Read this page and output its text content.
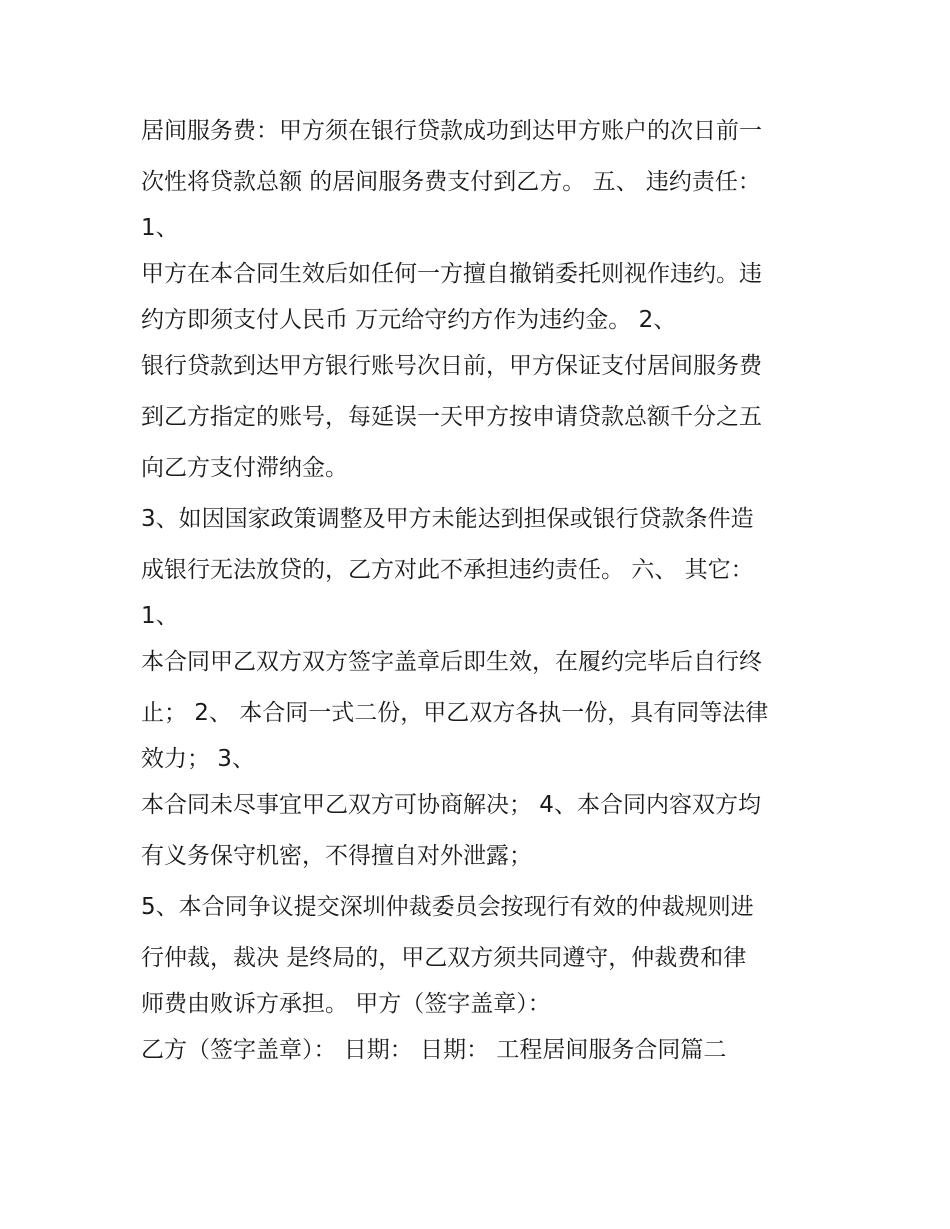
居间服务费：甲方须在银行贷款成功到达甲方账户的次日前一
次性将贷款总额 的居间服务费支付到乙方。 五、 违约责任：
1、
甲方在本合同生效后如任何一方擅自撤销委托则视作违约。违
约方即须支付人民币 万元给守约方作为违约金。 2、
银行贷款到达甲方银行账号次日前，甲方保证支付居间服务费
到乙方指定的账号，每延误一天甲方按申请贷款总额千分之五
向乙方支付滞纳金。
3、如因国家政策调整及甲方未能达到担保或银行贷款条件造
成银行无法放贷的，乙方对此不承担违约责任。 六、 其它：
1、
本合同甲乙双方双方签字盖章后即生效，在履约完毕后自行终
止； 2、 本合同一式二份，甲乙双方各执一份，具有同等法律
效力； 3、
本合同未尽事宜甲乙双方可协商解决； 4、本合同内容双方均
有义务保守机密，不得擅自对外泄露；
5、本合同争议提交深圳仲裁委员会按现行有效的仲裁规则进
行仲裁，裁决 是终局的，甲乙双方须共同遵守，仲裁费和律
师费由败诉方承担。 甲方（签字盖章）：
乙方（签字盖章）： 日期： 日期： 工程居间服务合同篇二
